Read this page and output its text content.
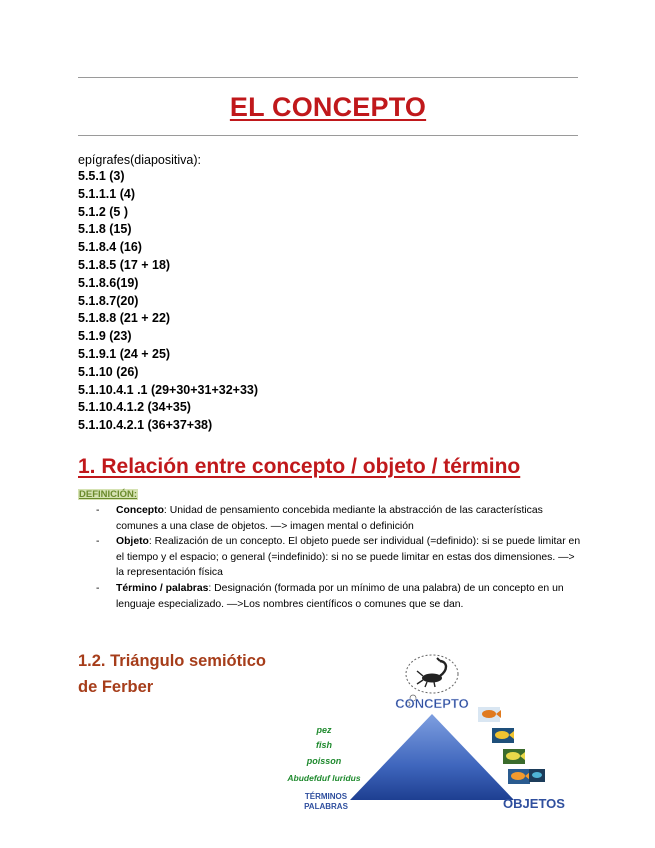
EL CONCEPTO
epígrafes(diapositiva):
5.5.1 (3)
5.1.1.1 (4)
5.1.2 (5 )
5.1.8 (15)
5.1.8.4 (16)
5.1.8.5 (17 + 18)
5.1.8.6(19)
5.1.8.7(20)
5.1.8.8 (21 + 22)
5.1.9 (23)
5.1.9.1 (24 + 25)
5.1.10 (26)
5.1.10.4.1 .1 (29+30+31+32+33)
5.1.10.4.1.2 (34+35)
5.1.10.4.2.1 (36+37+38)
1. Relación entre concepto / objeto / término
DEFINICIÓN:
- Concepto: Unidad de pensamiento concebida mediante la abstracción de las características comunes a una clase de objetos. —> imagen mental o definición
- Objeto: Realización de un concepto. El objeto puede ser individual (=definido): si se puede limitar en el tiempo y el espacio; o general (=indefinido): si no se puede limitar en estas dos dimensiones. —> la representación física
- Término / palabras: Designación (formada por un mínimo de una palabra) de un concepto en un lenguaje especializado. —>Los nombres científicos o comunes que se dan.
1.2. Triángulo semiótico
de Ferber
CONCEPTO
pez
fish
poisson
Abudefduf luridus
TÉRMINOS
PALABRAS	OBJETOS
